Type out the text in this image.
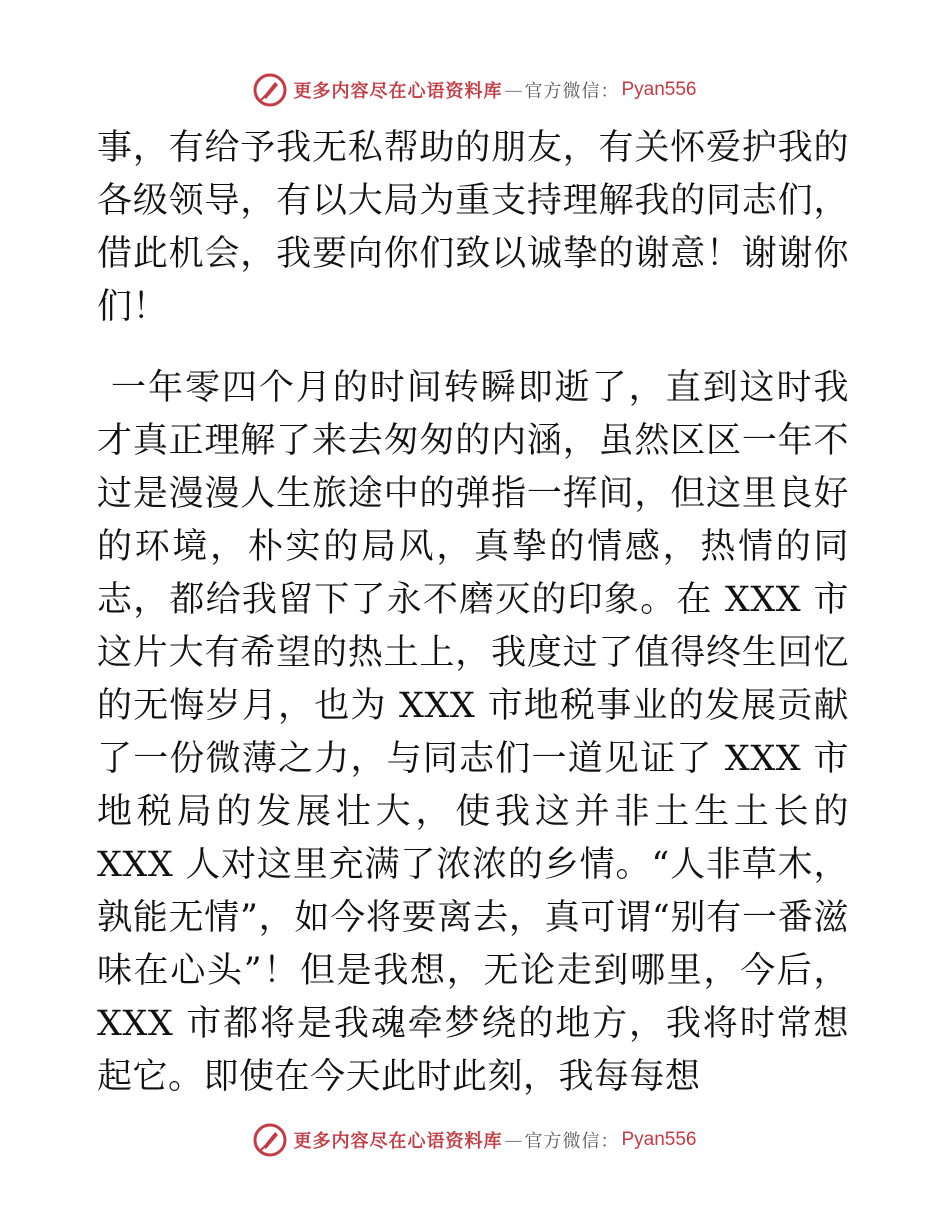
更多内容尽在心语资料库 — 官方微信： Pyan556

事，有给予我无私帮助的朋友，有关怀爱护我的各级领导，有以大局为重支持理解我的同志们，借此机会，我要向你们致以诚挚的谢意！谢谢你们！

一年零四个月的时间转瞬即逝了，直到这时我才真正理解了来去匆匆的内涵，虽然区区一年不过是漫漫人生旅途中的弹指一挥间，但这里良好的环境，朴实的局风，真挚的情感，热情的同志，都给我留下了永不磨灭的印象。在 XXX 市这片大有希望的热土上，我度过了值得终生回忆的无悔岁月，也为 XXX 市地税事业的发展贡献了一份微薄之力，与同志们一道见证了 XXX 市地税局的发展壮大，使我这并非土生土长的 XXX 人对这里充满了浓浓的乡情。“人非草木，孰能无情”，如今将要离去，真可谓“别有一番滋味在心头”！但是我想，无论走到哪里，今后，XXX 市都将是我魂牵梦绕的地方，我将时常想起它。即使在今天此时此刻，我每每想

更多内容尽在心语资料库 — 官方微信： Pyan556
